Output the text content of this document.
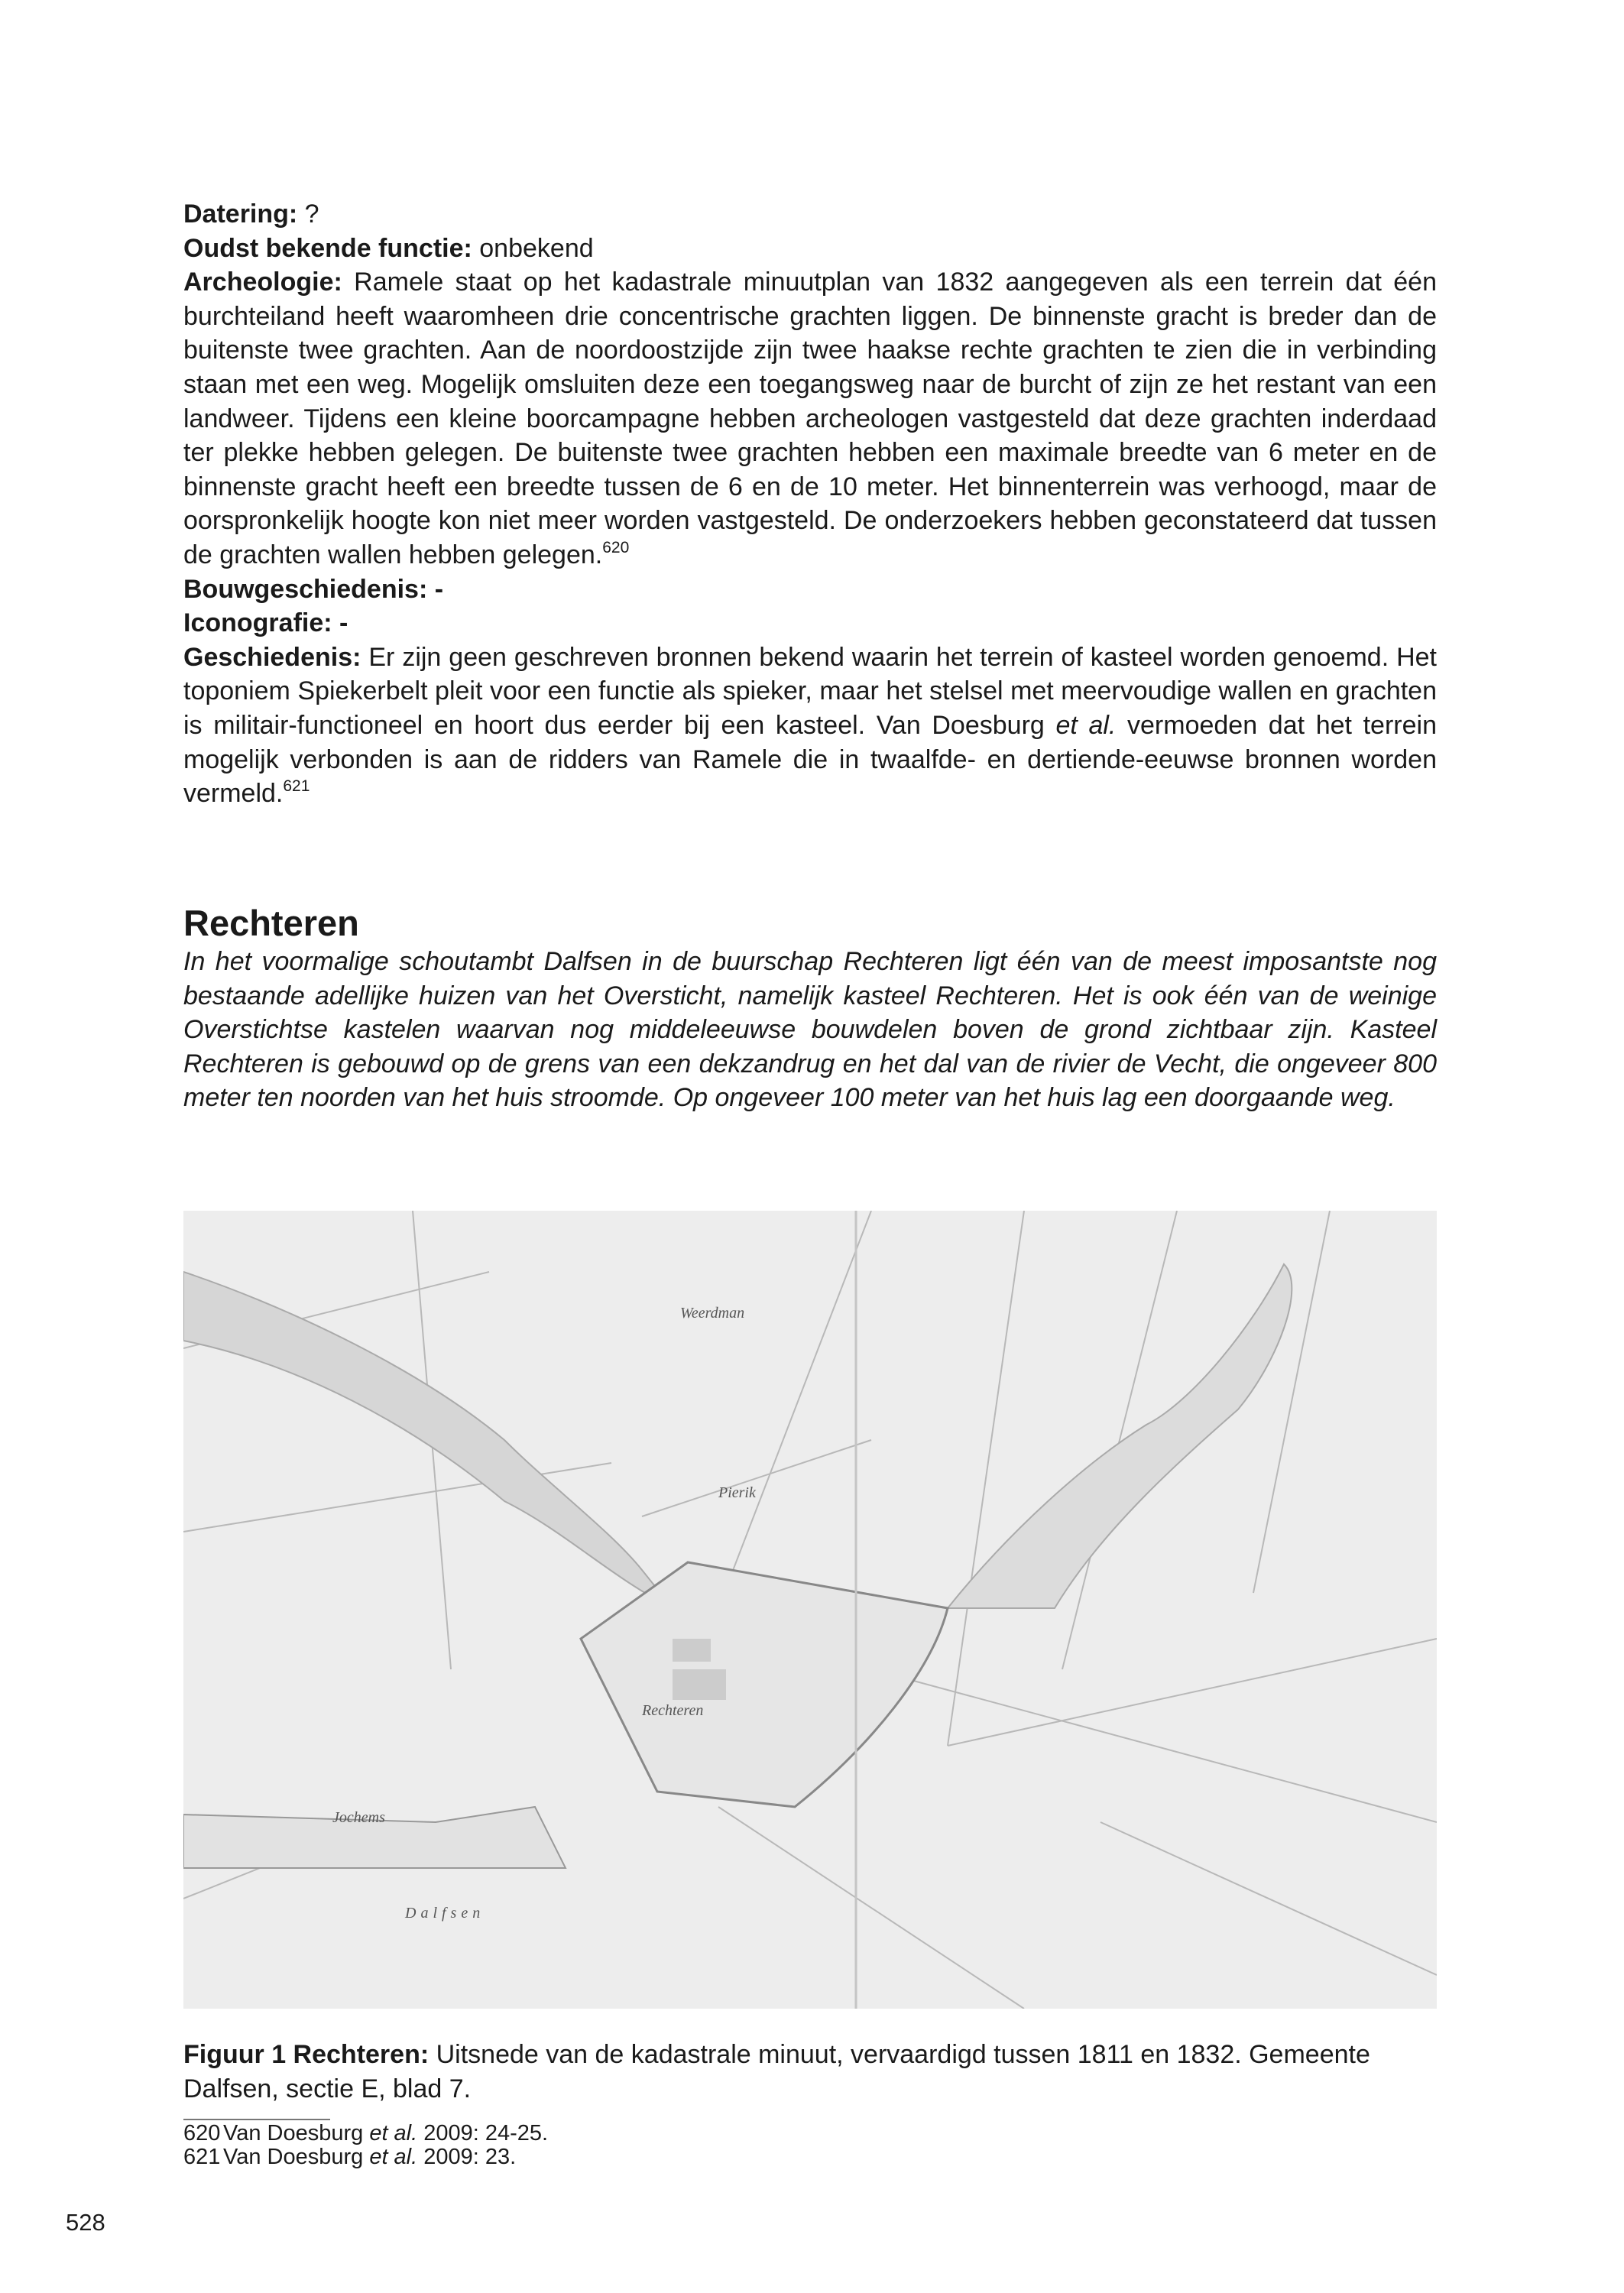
Datering: ?

Oudst bekende functie: onbekend

Archeologie: Ramele staat op het kadastrale minuutplan van 1832 aangegeven als een terrein dat één burchteiland heeft waaromheen drie concentrische grachten liggen. De binnenste gracht is breder dan de buitenste twee grachten. Aan de noordoostzijde zijn twee haakse rechte grachten te zien die in verbinding staan met een weg. Mogelijk omsluiten deze een toegangsweg naar de burcht of zijn ze het restant van een landweer. Tijdens een kleine boorcampagne hebben archeologen vastgesteld dat deze grachten inderdaad ter plekke hebben gelegen. De buitenste twee grachten hebben een maximale breedte van 6 meter en de binnenste gracht heeft een breedte tussen de 6 en de 10 meter. Het binnenterrein was verhoogd, maar de oorspronkelijk hoogte kon niet meer worden vastgesteld. De onderzoekers hebben geconstateerd dat tussen de grachten wallen hebben gelegen.$^{620}$

Bouwgeschiedenis: -

Iconografie: -

Geschiedenis: Er zijn geen geschreven bronnen bekend waarin het terrein of kasteel worden genoemd. Het toponiem Spiekerbelt pleit voor een functie als spieker, maar het stelsel met meervoudige wallen en grachten is militair-functioneel en hoort dus eerder bij een kasteel. Van Doesburg et al. vermoeden dat het terrein mogelijk verbonden is aan de ridders van Ramele die in twaalfde- en dertiende-eeuwse bronnen worden vermeld.$^{621}$

Rechteren

In het voormalige schoutambt Dalfsen in de buurschap Rechteren ligt één van de meest imposantste nog bestaande adellijke huizen van het Oversticht, namelijk kasteel Rechteren. Het is ook één van de weinige Overstichtse kastelen waarvan nog middeleeuwse bouwdelen boven de grond zichtbaar zijn. Kasteel Rechteren is gebouwd op de grens van een dekzandrug en het dal van de rivier de Vecht, die ongeveer 800 meter ten noorden van het huis stroomde. Op ongeveer 100 meter van het huis lag een doorgaande weg.

Weerdman
Pierik
Rechteren
Jochems
Dalfsen

Figuur 1 Rechteren: Uitsnede van de kadastrale minuut, vervaardigd tussen 1811 en 1832. Gemeente Dalfsen, sectie E, blad 7.

620 Van Doesburg et al. 2009: 24-25.
621 Van Doesburg et al. 2009: 23.
528
